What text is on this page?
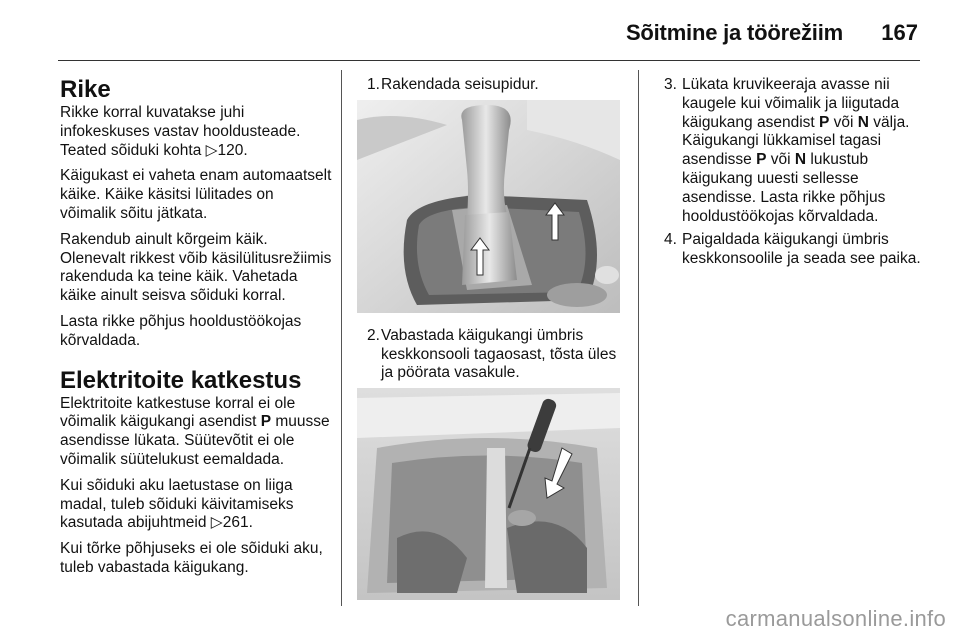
Sõitmine ja töörežiim 167
Rike

Rikke korral kuvatakse juhi infokeskuses vastav hooldusteade. Teated sõiduki kohta ▷120.

Käigukast ei vaheta enam automaatselt käike. Käike käsitsi lülitades on võimalik sõitu jätkata.

Rakendub ainult kõrgeim käik. Olenevalt rikkest võib käsilülitusrežiimis rakenduda ka teine käik. Vahetada käike ainult seisva sõiduki korral.

Lasta rikke põhjus hooldustöökojas kõrvaldada.

Elektritoite katkestus

Elektritoite katkestuse korral ei ole võimalik käigukangi asendist P muusse asendisse lükata. Süütevõtit ei ole võimalik süütelukust eemaldada.

Kui sõiduki aku laetustase on liiga madal, tuleb sõiduki käivitamiseks kasutada abijuhtmeid ▷261.

Kui tõrke põhjuseks ei ole sõiduki aku, tuleb vabastada käigukang.

1. Rakendada seisupidur.
2. Vabastada käigukangi ümbris keskkonsooli tagaosast, tõsta üles ja pöörata vasakule.
3. Lükata kruvikeeraja avasse nii kaugele kui võimalik ja liigutada käigukang asendist P või N välja. Käigukangi lükkamisel tagasi asendisse P või N lukustub käigukang uuesti sellesse asendisse. Lasta rikke põhjus hooldustöökojas kõrvaldada.
4. Paigaldada käigukangi ümbris keskkonsoolile ja seada see paika.
carmanualsonline.info
